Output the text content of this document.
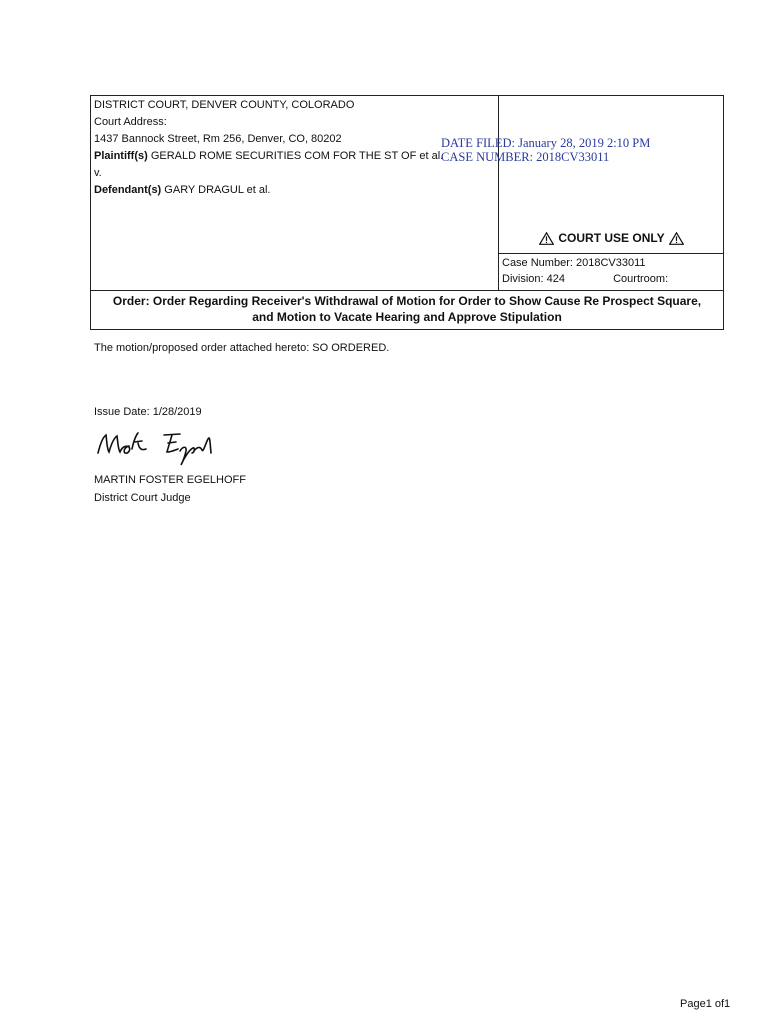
DISTRICT COURT, DENVER COUNTY, COLORADO
Court Address:
1437 Bannock Street, Rm 256, Denver, CO, 80202
Plaintiff(s) GERALD ROME SECURITIES COM FOR THE ST OF et al.
v.
Defendant(s) GARY DRAGUL et al.
COURT USE ONLY
Case Number: 2018CV33011
Division: 424	Courtroom:
Order: Order Regarding Receiver's Withdrawal of Motion for Order to Show Cause Re Prospect Square,
and Motion to Vacate Hearing and Approve Stipulation
DATE FILED: January 28, 2019 2:10 PM
CASE NUMBER: 2018CV33011
The motion/proposed order attached hereto: SO ORDERED.
Issue Date: 1/28/2019
MARTIN FOSTER EGELHOFF
District Court Judge
Page1 of1
